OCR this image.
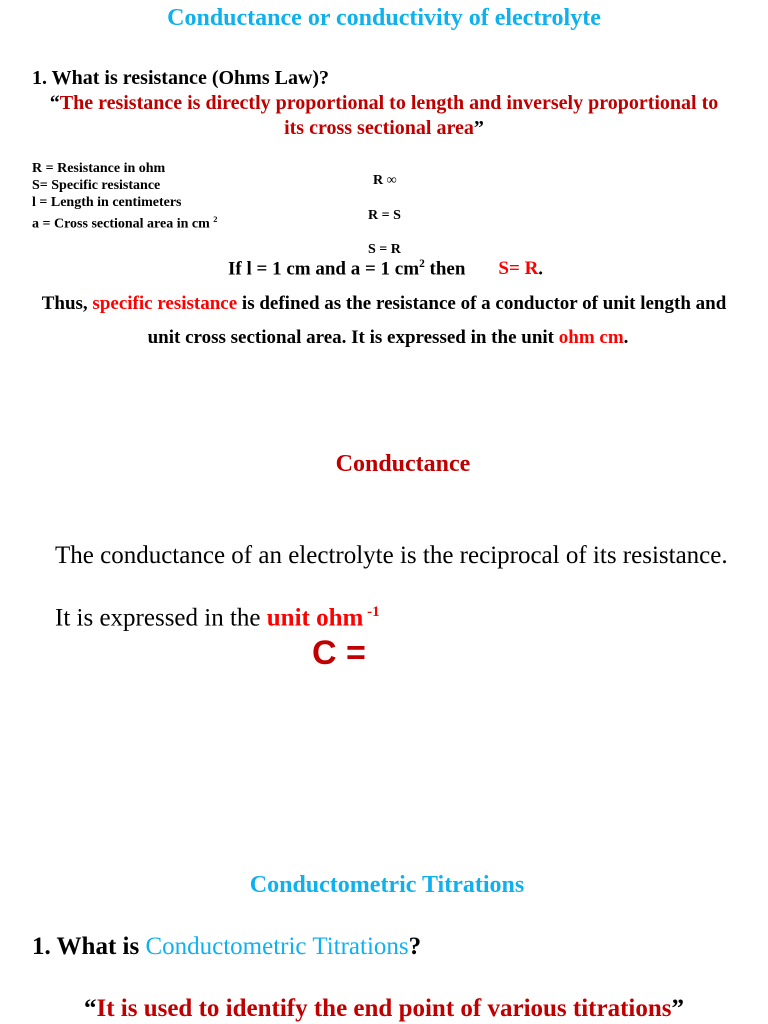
Conductance or conductivity of electrolyte
1. What is resistance (Ohms Law)?
“The resistance is directly proportional to length and inversely proportional to
its cross sectional area”
R = Resistance in ohm
S= Specific resistance
l = Length in centimeters
a = Cross sectional area in cm $^2$
R ∞
R = S
S = R
If l = 1 cm and a = 1 $cm^2$ then S= R.
Thus, specific resistance is defined as the resistance of a conductor of unit length and
unit cross sectional area. It is expressed in the unit ohm cm.
Conductance
The conductance of an electrolyte is the reciprocal of its resistance.
It is expressed in the unit ohm $^{-1}$
C =
Conductometric Titrations
1. What is Conductometric Titrations?
“It is used to identify the end point of various titrations”
